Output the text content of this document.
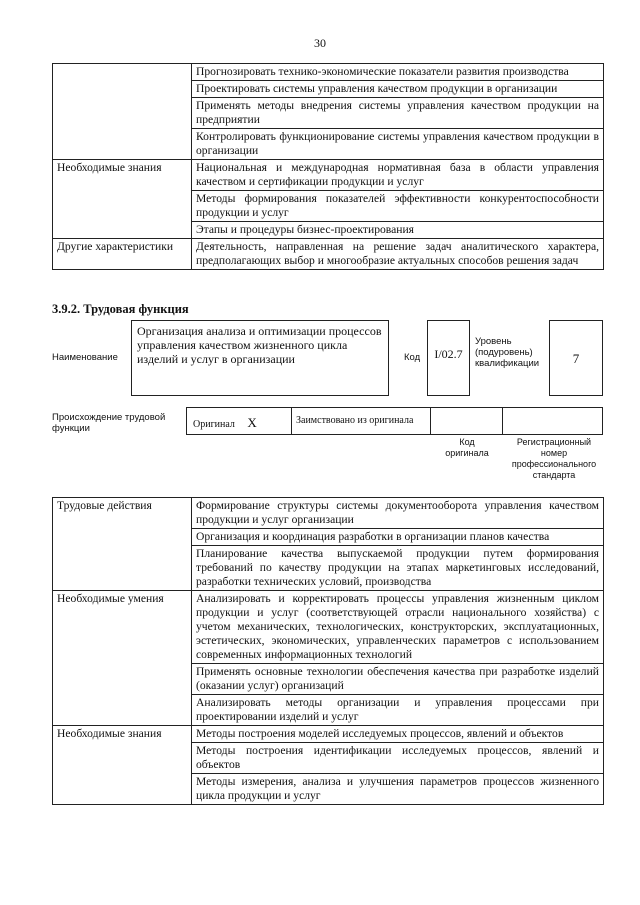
30
	Прогнозировать технико-экономические показатели развития производства
	Проектировать системы управления качеством продукции в организации
	Применять методы внедрения системы управления качеством продукции на предприятии
	Контролировать функционирование системы управления качеством продукции в организации
Необходимые знания	Национальная и международная нормативная база в области управления качеством и сертификации продукции и услуг
	Методы формирования показателей эффективности конкурентоспособности продукции и услуг
	Этапы и процедуры бизнес-проектирования
Другие характеристики	Деятельность, направленная на решение задач аналитического характера, предполагающих выбор и многообразие актуальных способов решения задач
3.9.2. Трудовая функция
Наименование
Организация анализа и оптимизации процессов управления качеством жизненного цикла изделий и услуг в организации	Код	I/02.7
Уровень (подуровень) квалификации	7
Происхождение трудовой функции	Оригинал X	Заимствовано из оригинала
Код оригинала
Регистрационный номер профессионального стандарта
Трудовые действия	Формирование структуры системы документооборота управления качеством продукции и услуг организации
	Организация и координация разработки в организации планов качества
	Планирование качества выпускаемой продукции путем формирования требований по качеству продукции на этапах маркетинговых исследований, разработки технических условий, производства
Необходимые умения	Анализировать и корректировать процессы управления жизненным циклом продукции и услуг (соответствующей отрасли национального хозяйства) с учетом механических, технологических, конструкторских, эксплуатационных, эстетических, экономических, управленческих параметров с использованием современных информационных технологий
	Применять основные технологии обеспечения качества при разработке изделий (оказании услуг) организаций
	Анализировать методы организации и управления процессами при проектировании изделий и услуг
Необходимые знания	Методы построения моделей исследуемых процессов, явлений и объектов
	Методы построения идентификации исследуемых процессов, явлений и объектов
	Методы измерения, анализа и улучшения параметров процессов жизненного цикла продукции и услуг
